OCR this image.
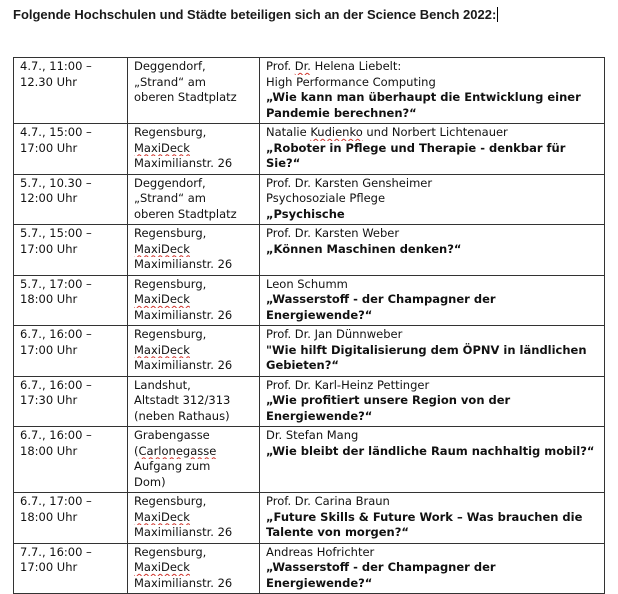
Folgende Hochschulen und Städte beteiligen sich an der Science Bench 2022:
4.7., 11:00 –
12.30 Uhr	Deggendorf,
„Strand“ am
oberen Stadtplatz	Prof. Dr. Helena Liebelt:
High Performance Computing
„Wie kann man überhaupt die Entwicklung einer Pandemie berechnen?“

4.7., 15:00 –
17:00 Uhr	Regensburg,
MaxiDeck
Maximilianstr. 26	Natalie Kudienko und Norbert Lichtenauer
„Roboter in Pflege und Therapie - denkbar für Sie?“

5.7., 10.30 –
12:00 Uhr	Deggendorf,
„Strand“ am
oberen Stadtplatz	Prof. Dr. Karsten Gensheimer
Psychosoziale Pflege
„Psychische

5.7., 15:00 –
17:00 Uhr	Regensburg,
MaxiDeck
Maximilianstr. 26	Prof. Dr. Karsten Weber
„Können Maschinen denken?“

5.7., 17:00 –
18:00 Uhr	Regensburg,
MaxiDeck
Maximilianstr. 26	Leon Schumm
„Wasserstoff - der Champagner der Energiewende?“

6.7., 16:00 –
17:00 Uhr	Regensburg,
MaxiDeck
Maximilianstr. 26	Prof. Dr. Jan Dünnweber
"Wie hilft Digitalisierung dem ÖPNV in ländlichen Gebieten?“

6.7., 16:00 –
17:30 Uhr	Landshut,
Altstadt 312/313
(neben Rathaus)	Prof. Dr. Karl-Heinz Pettinger
„Wie profitiert unsere Region von der Energiewende?“

6.7., 16:00 –
18:00 Uhr	Grabengasse
(Carlonegasse
Aufgang zum
Dom)	Dr. Stefan Mang
„Wie bleibt der ländliche Raum nachhaltig mobil?“

6.7., 17:00 –
18:00 Uhr	Regensburg,
MaxiDeck
Maximilianstr. 26	Prof. Dr. Carina Braun
„Future Skills & Future Work – Was brauchen die Talente von morgen?“

7.7., 16:00 –
17:00 Uhr	Regensburg,
MaxiDeck
Maximilianstr. 26	Andreas Hofrichter
„Wasserstoff - der Champagner der Energiewende?“
